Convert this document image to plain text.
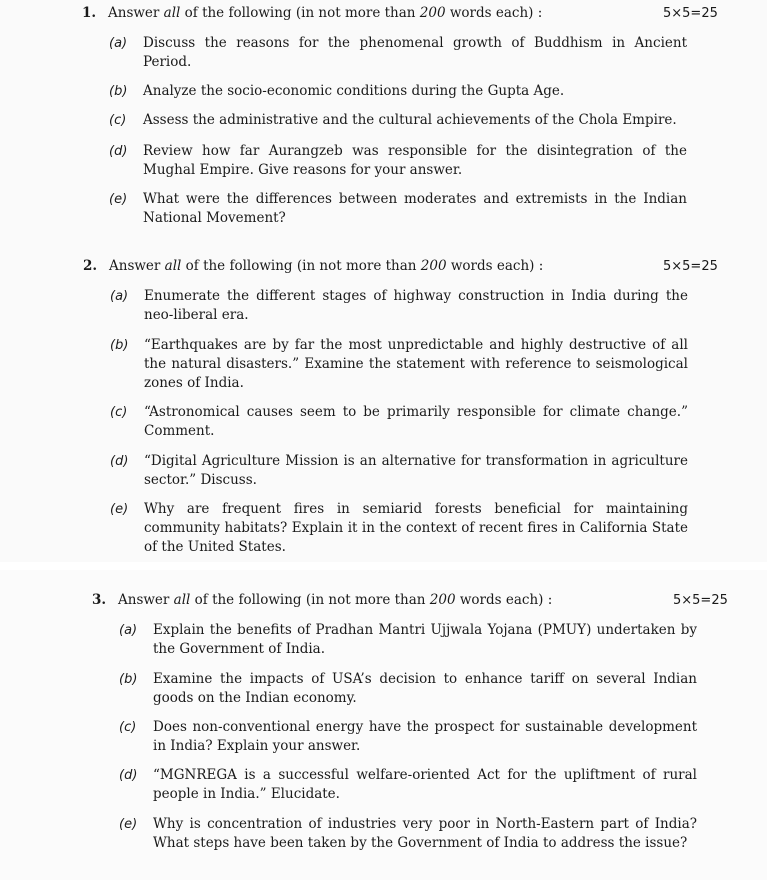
1. Answer all of the following (in not more than 200 words each) :	5×5=25
(a) Discuss the reasons for the phenomenal growth of Buddhism in Ancient Period.
(b) Analyze the socio-economic conditions during the Gupta Age.
(c) Assess the administrative and the cultural achievements of the Chola Empire.
(d) Review how far Aurangzeb was responsible for the disintegration of the Mughal Empire. Give reasons for your answer.
(e) What were the differences between moderates and extremists in the Indian National Movement?
2. Answer all of the following (in not more than 200 words each) :	5×5=25
(a) Enumerate the different stages of highway construction in India during the neo-liberal era.
(b) “Earthquakes are by far the most unpredictable and highly destructive of all the natural disasters.” Examine the statement with reference to seismological zones of India.
(c) “Astronomical causes seem to be primarily responsible for climate change.” Comment.
(d) “Digital Agriculture Mission is an alternative for transformation in agriculture sector.” Discuss.
(e) Why are frequent fires in semiarid forests beneficial for maintaining community habitats? Explain it in the context of recent fires in California State of the United States.
3. Answer all of the following (in not more than 200 words each) :	5×5=25
(a) Explain the benefits of Pradhan Mantri Ujjwala Yojana (PMUY) undertaken by the Government of India.
(b) Examine the impacts of USA’s decision to enhance tariff on several Indian goods on the Indian economy.
(c) Does non-conventional energy have the prospect for sustainable development in India? Explain your answer.
(d) “MGNREGA is a successful welfare-oriented Act for the upliftment of rural people in India.” Elucidate.
(e) Why is concentration of industries very poor in North-Eastern part of India? What steps have been taken by the Government of India to address the issue?
